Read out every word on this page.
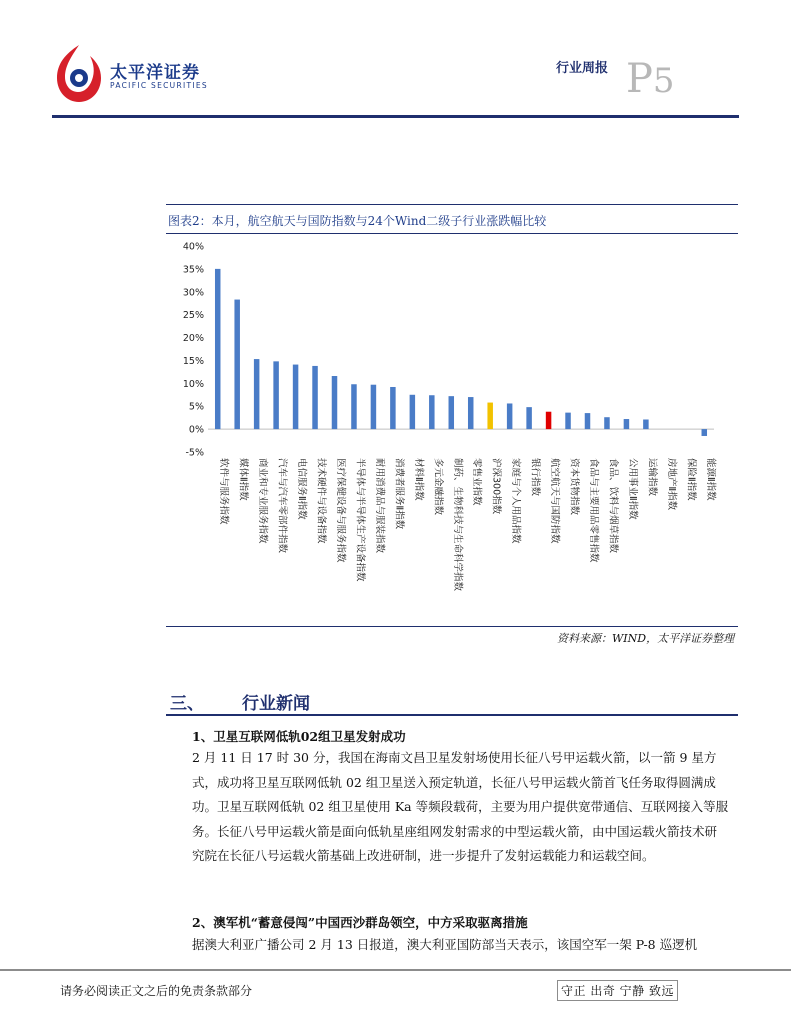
太平洋证券
PACIFIC SECURITIES
行业周报 P5
图表2：本月，航空航天与国防指数与24个Wind二级子行业涨跌幅比较
40%
35%
30%
25%
20%
15%
10%
5%
0%
-5%
软件与服务指数 媒体Ⅱ指数 商业和专业服务指数 汽车与汽车零部件指数 电信服务Ⅱ指数 技术硬件与设备指数 医疗保健设备与服务指数 半导体与半导体生产设备指数 耐用消费品与服装指数 消费者服务Ⅱ指数 材料Ⅱ指数 多元金融指数 制药、生物科技与生命科学指数 零售业指数 沪深300指数 家庭与个人用品指数 银行指数 航空航天与国防指数 资本货物指数 食品与主要用品零售指数 食品、饮料与烟草指数 公用事业Ⅱ指数 运输指数 房地产Ⅱ指数 保险Ⅱ指数 能源Ⅱ指数
资料来源：WIND，太平洋证券整理
三、 行业新闻
1、卫星互联网低轨02组卫星发射成功
2 月 11 日 17 时 30 分，我国在海南文昌卫星发射场使用长征八号甲运载火箭，以一箭 9 星方
式，成功将卫星互联网低轨 02 组卫星送入预定轨道，长征八号甲运载火箭首飞任务取得圆满成
功。卫星互联网低轨 02 组卫星使用 Ka 等频段载荷，主要为用户提供宽带通信、互联网接入等服
务。长征八号甲运载火箭是面向低轨星座组网发射需求的中型运载火箭，由中国运载火箭技术研
究院在长征八号运载火箭基础上改进研制，进一步提升了发射运载能力和运载空间。
2、澳军机“蓄意侵闯”中国西沙群岛领空，中方采取驱离措施
据澳大利亚广播公司 2 月 13 日报道，澳大利亚国防部当天表示，该国空军一架 P-8 巡逻机
请务必阅读正文之后的免责条款部分	守正 出奇 宁静 致远
